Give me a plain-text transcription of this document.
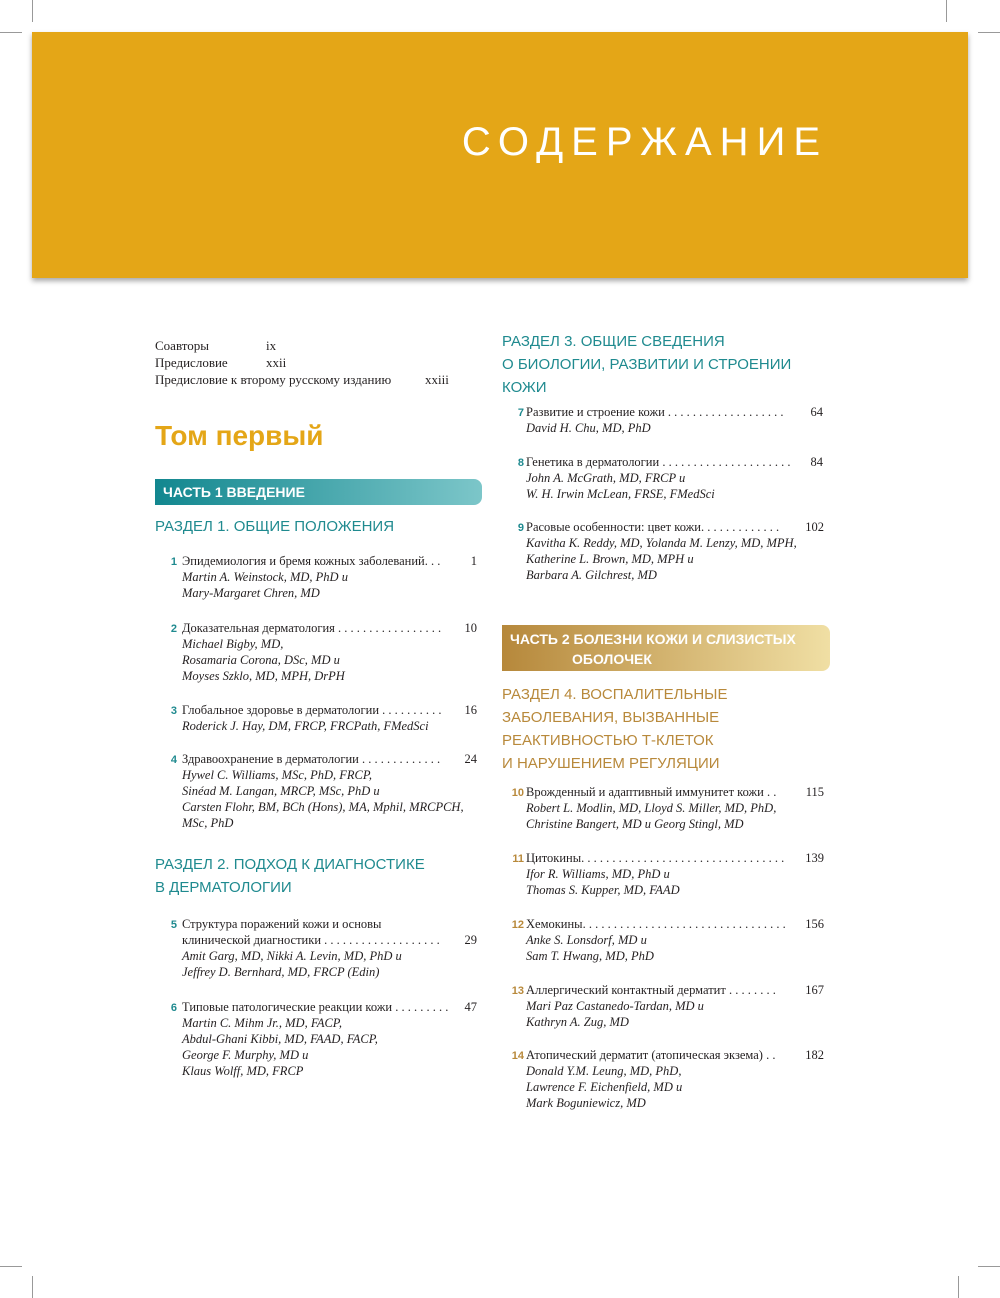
СОДЕРЖАНИЕ
Соавторы	ix
Предисловие	xxii
Предисловие к второму русскому изданию	xxiii
Том первый
ЧАСТЬ 1 ВВЕДЕНИЕ
РАЗДЕЛ 1. ОБЩИЕ ПОЛОЖЕНИЯ
1 Эпидемиология и бремя кожных заболеваний. . .	1
Martin A. Weinstock, MD, PhD и
Mary-Margaret Chren, MD
2 Доказательная дерматология . . . . . . . . . . . . . . . . .	10
Michael Bigby, MD,
Rosamaria Corona, DSc, MD и
Moyses Szklo, MD, MPH, DrPH
3 Глобальное здоровье в дерматологии . . . . . . . . . .	16
Roderick J. Hay, DM, FRCP, FRCPath, FMedSci
4 Здравоохранение в дерматологии . . . . . . . . . . . . .	24
Hywel C. Williams, MSc, PhD, FRCP,
Sinéad M. Langan, MRCP, MSc, PhD и
Carsten Flohr, BM, BCh (Hons), MA, Mphil, MRCPCH,
MSc, PhD
РАЗДЕЛ 2. ПОДХОД К ДИАГНОСТИКЕ
В ДЕРМАТОЛОГИИ
5 Структура поражений кожи и основы
клинической диагностики . . . . . . . . . . . . . . . . . . .	29
Amit Garg, MD, Nikki A. Levin, MD, PhD и
Jeffrey D. Bernhard, MD, FRCP (Edin)
6 Типовые патологические реакции кожи . . . . . . . . .	47
Martin C. Mihm Jr., MD, FACP,
Abdul-Ghani Kibbi, MD, FAAD, FACP,
George F. Murphy, MD и
Klaus Wolff, MD, FRCP
РАЗДЕЛ 3. ОБЩИЕ СВЕДЕНИЯ
О БИОЛОГИИ, РАЗВИТИИ И СТРОЕНИИ
КОЖИ
7 Развитие и строение кожи . . . . . . . . . . . . . . . . . . .	64
David H. Chu, MD, PhD
8 Генетика в дерматологии . . . . . . . . . . . . . . . . . . . . .	84
John A. McGrath, MD, FRCP и
W. H. Irwin McLean, FRSE, FMedSci
9 Расовые особенности: цвет кожи. . . . . . . . . . . . .	102
Kavitha K. Reddy, MD, Yolanda M. Lenzy, MD, MPH,
Katherine L. Brown, MD, MPH и
Barbara A. Gilchrest, MD
ЧАСТЬ 2 БОЛЕЗНИ КОЖИ И СЛИЗИСТЫХ
ОБОЛОЧЕК
РАЗДЕЛ 4. ВОСПАЛИТЕЛЬНЫЕ
ЗАБОЛЕВАНИЯ, ВЫЗВАННЫЕ
РЕАКТИВНОСТЬЮ Т-КЛЕТОК
И НАРУШЕНИЕМ РЕГУЛЯЦИИ
10 Врожденный и адаптивный иммунитет кожи . .	115
Robert L. Modlin, MD, Lloyd S. Miller, MD, PhD,
Christine Bangert, MD и Georg Stingl, MD
11 Цитокины. . . . . . . . . . . . . . . . . . . . . . . . . . . . . . . . .	139
Ifor R. Williams, MD, PhD и
Thomas S. Kupper, MD, FAAD
12 Хемокины. . . . . . . . . . . . . . . . . . . . . . . . . . . . . . . . .	156
Anke S. Lonsdorf, MD и
Sam T. Hwang, MD, PhD
13 Аллергический контактный дерматит . . . . . . . .	167
Mari Paz Castanedo-Tardan, MD и
Kathryn A. Zug, MD
14 Атопический дерматит (атопическая экзема) . .	182
Donald Y.M. Leung, MD, PhD,
Lawrence F. Eichenfield, MD и
Mark Boguniewicz, MD
